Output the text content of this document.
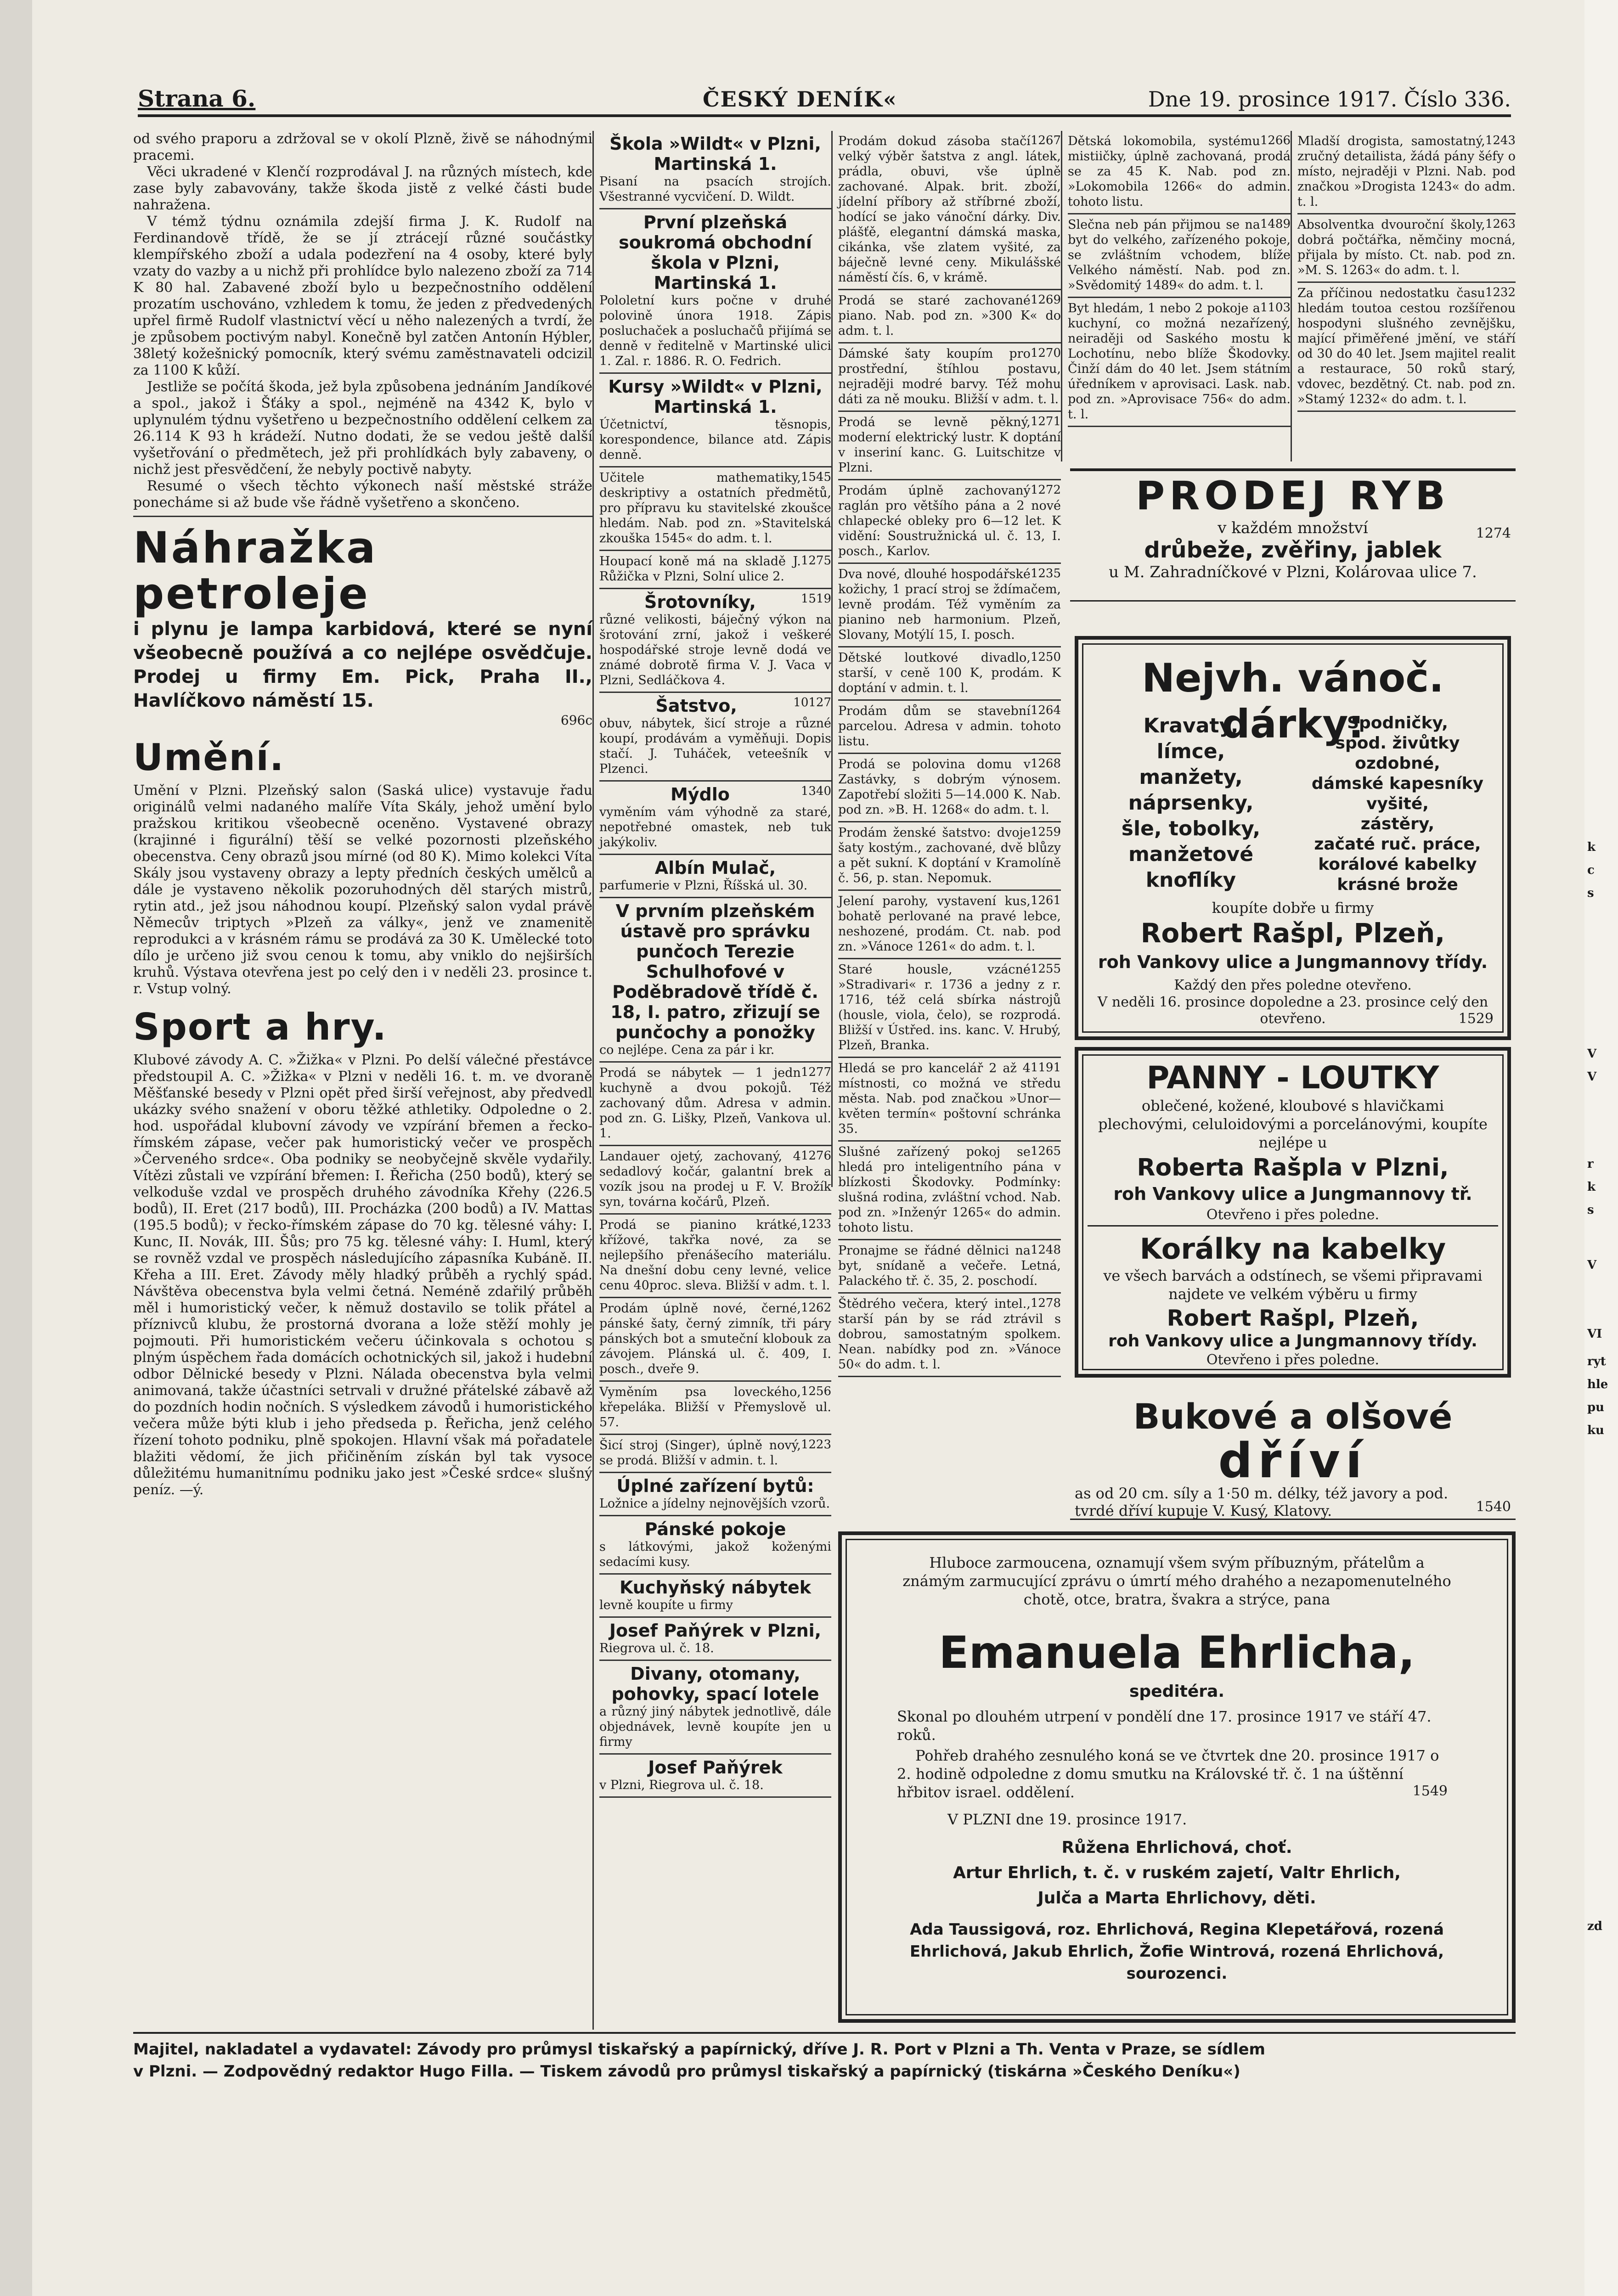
k
c
s
V
V
r
k
s
V
VI
ryt
hle
pu
ku
zd
Strana 6.	ČESKÝ DENÍK«	Dne 19. prosince 1917. Číslo 336.

od svého praporu a zdržoval se v okolí Plzně, živě se náhodnými pracemi.

Věci ukradené v Klenčí rozprodával J. na různých místech, kde zase byly zabavovány, takže škoda jistě z velké části bude nahražena.

V témž týdnu oznámila zdejší firma J. K. Rudolf na Ferdinandově třídě, že se jí ztrácejí různé součástky klempířského zboží a udala podezření na 4 osoby, které byly vzaty do vazby a u nichž při prohlídce bylo nalezeno zboží za 714 K 80 hal. Zabavené zboží bylo u bezpečnostního oddělení prozatím uschováno, vzhledem k tomu, že jeden z předvedených upřel firmě Rudolf vlastnictví věcí u něho nalezených a tvrdí, že je způsobem poctivým nabyl. Konečně byl zatčen Antonín Hýbler, 38letý kožešnický pomocník, který svému zaměstnavateli odcizil za 1100 K kůží.

Jestliže se počítá škoda, jež byla způsobena jednáním Jandíkové a spol., jakož i Šťáky a spol., nejméně na 4342 K, bylo v uplynulém týdnu vyšetřeno u bezpečnostního oddělení celkem za 26.114 K 93 h krádeží. Nutno dodati, že se vedou ještě další vyšetřování o předmětech, jež při prohlídkách byly zabaveny, o nichž jest přesvědčení, že nebyly poctivě nabyty.

Resumé o všech těchto výkonech naší městské stráže ponecháme si až bude vše řádně vyšetřeno a skončeno.

Náhražka petroleje
i plynu je lampa karbidová, které se nyní všeobecně používá a co nejlépe osvědčuje. Prodej u firmy Em. Pick, Praha II., Havlíčkovo náměstí 15.
696c
Umění.

Umění v Plzni. Plzeňský salon (Saská ulice) vystavuje řadu originálů velmi nadaného malíře Víta Skály, jehož umění bylo pražskou kritikou všeobecně oceněno. Vystavené obrazy (krajinné i figurální) těší se velké pozornosti plzeňského obecenstva. Ceny obrazů jsou mírné (od 80 K). Mimo kolekci Víta Skály jsou vystaveny obrazy a lepty předních českých umělců a dále je vystaveno několik pozoruhodných děl starých mistrů, rytin atd., jež jsou náhodnou koupí. Plzeňský salon vydal právě Němecův triptych »Plzeň za války«, jenž ve znamenitě reprodukci a v krásném rámu se prodává za 30 K. Umělecké toto dílo je určeno již svou cenou k tomu, aby vniklo do nejširších kruhů. Výstava otevřena jest po celý den i v neděli 23. prosince t. r. Vstup volný.

Sport a hry.

Klubové závody A. C. »Žižka« v Plzni. Po delší válečné přestávce předstoupil A. C. »Žižka« v Plzni v neděli 16. t. m. ve dvoraně Měšťanské besedy v Plzni opět před širší veřejnost, aby předvedl ukázky svého snažení v oboru těžké athletiky. Odpoledne o 2. hod. uspořádal klubovní závody ve vzpírání břemen a řecko-římském zápase, večer pak humoristický večer ve prospěch »Červeného srdce«. Oba podniky se neobyčejně skvěle vydařily. Vítězi zůstali ve vzpírání břemen: I. Řeřicha (250 bodů), který se velkoduše vzdal ve prospěch druhého závodníka Křehy (226.5 bodů), II. Eret (217 bodů), III. Procházka (200 bodů) a IV. Mattas (195.5 bodů); v řecko-římském zápase do 70 kg. tělesné váhy: I. Kunc, II. Novák, III. Šůs; pro 75 kg. tělesné váhy: I. Huml, který se rovněž vzdal ve prospěch následujícího zápasníka Kubáně. II. Křeha a III. Eret. Závody měly hladký průběh a rychlý spád. Návštěva obecenstva byla velmi četná. Neméně zdařilý průběh měl i humoristický večer, k němuž dostavilo se tolik přátel a příznivců klubu, že prostorná dvorana a lože stěží mohly je pojmouti. Při humoristickém večeru účinkovala s ochotou s plným úspěchem řada domácích ochotnických sil, jakož i hudební odbor Dělnické besedy v Plzni. Nálada obecenstva byla velmi animovaná, takže účastníci setrvali v družné přátelské zábavě až do pozdních hodin nočních. S výsledkem závodů i humoristického večera může býti klub i jeho předseda p. Řeřicha, jenž celého řízení tohoto podniku, plně spokojen. Hlavní však má pořadatele blažiti vědomí, že jich přičiněním získán byl tak vysoce důležitému humanitnímu podniku jako jest »České srdce« slušný peníz. —ý.

Škola »Wildt« v Plzni, Martinská 1.
Pisaní na psacích strojích. Všestranné vycvičení. D. Wildt.
První plzeňská soukromá obchodní škola v Plzni, Martinská 1.
Pololetní kurs počne v druhé polovině února 1918. Zápis posluchaček a posluchačů přijímá se denně v ředitelně v Martinské ulici 1. Zal. r. 1886. R. O. Fedrich.
Kursy »Wildt« v Plzni, Martinská 1.
Účetnictví, těsnopis, korespondence, bilance atd. Zápis denně.
1545
Učitele mathematiky, deskriptivy a ostatních předmětů, pro přípravu ku stavitelské zkoušce hledám. Nab. pod zn. »Stavitelská zkouška 1545« do adm. t. l.
1275
Houpací koně má na skladě J. Růžička v Plzni, Solní ulice 2.
1519
Šrotovníky,
různé velikosti, báječný výkon na šrotování zrní, jakož i veškeré hospodářské stroje levně dodá ve známé dobrotě firma V. J. Vaca v Plzni, Sedláčkova 4.
10127
Šatstvo,
obuv, nábytek, šicí stroje a různé koupí, prodávám a vyměňuji. Dopis stačí. J. Tuháček, veteešník v Plzenci.
1340
Mýdlo
vyměním vám výhodně za staré, nepotřebné omastek, neb tuk jakýkoliv.
Albín Mulač,
parfumerie v Plzni, Říšská ul. 30.
V prvním plzeňském ústavě pro správku punčoch Terezie Schulhofové v Poděbradově třídě č. 18, I. patro, zřizují se punčochy a ponožky
co nejlépe. Cena za pár i kr.
1277
Prodá se nábytek — 1 jedn kuchyně a dvou pokojů. Též zachovaný dům. Adresa v admin. pod zn. G. Lišky, Plzeň, Vankova ul. 1.
1276
Landauer ojetý, zachovaný, 4 sedadlový kočár, galantní brek a vozík jsou na prodej u F. V. Brožík syn, továrna kočárů, Plzeň.
1233
Prodá se pianino krátké, křížové, takřka nové, za se nejlepšího přenášecího materiálu. Na dnešní dobu ceny levné, velice cenu 40proc. sleva. Bližší v adm. t. l.
1262
Prodám úplně nové, černé, pánské šaty, černý zimník, tři páry pánských bot a smuteční klobouk za závojem. Plánská ul. č. 409, I. posch., dveře 9.
1256
Vyměním psa loveckého, křepeláka. Bližší v Přemyslově ul. 57.
1223
Šicí stroj (Singer), úplně nový, se prodá. Bližší v admin. t. l.
Úplné zařízení bytů:
Ložnice a jídelny nejnovějších vzorů.
Pánské pokoje
s látkovými, jakož koženými sedacími kusy.
Kuchyňský nábytek
levně koupíte u firmy
Josef Paňýrek v Plzni,
Riegrova ul. č. 18.
Divany, otomany, pohovky, spací lotele
a různý jiný nábytek jednotlivě, dále objednávek, levně koupíte jen u firmy
Josef Paňýrek
v Plzni, Riegrova ul. č. 18.
1267
Prodám dokud zásoba stačí velký výběr šatstva z angl. látek, prádla, obuvi, vše úplně zachované. Alpak. brit. zboží, jídelní příbory až stříbrné zboží, hodící se jako vánoční dárky. Div. plášťě, elegantní dámská maska, cikánka, vše zlatem vyšité, za báječně levné ceny. Mikulášské náměstí čís. 6, v krámě.
1269
Prodá se staré zachované piano. Nab. pod zn. »300 K« do adm. t. l.
1270
Dámské šaty koupím pro prostřední, štíhlou postavu, nejraději modré barvy. Též mohu dáti za ně mouku. Bližší v adm. t. l.
1271
Prodá se levně pěkný, moderní elektrický lustr. K doptání v inseriní kanc. G. Luitschitze v Plzni.
1272
Prodám úplně zachovaný raglán pro většího pána a 2 nové chlapecké obleky pro 6—12 let. K vidění: Soustružnická ul. č. 13, I. posch., Karlov.
1235
Dva nové, dlouhé hospodářské kožichy, 1 prací stroj se ždímačem, levně prodám. Též vyměním za pianino neb harmonium. Plzeň, Slovany, Motýlí 15, I. posch.
1250
Dětské loutkové divadlo, starší, v ceně 100 K, prodám. K doptání v admin. t. l.
1264
Prodám dům se stavební parcelou. Adresa v admin. tohoto listu.
1268
Prodá se polovina domu v Zastávky, s dobrým výnosem. Zapotřebí složiti 5—14.000 K. Nab. pod zn. »B. H. 1268« do adm. t. l.
1259
Prodám ženské šatstvo: dvoje šaty kostým., zachované, dvě blůzy a pět sukní. K doptání v Kramolíně č. 56, p. stan. Nepomuk.
1261
Jelení parohy, vystavení kus, bohatě perlované na pravé lebce, neshozené, prodám. Ct. nab. pod zn. »Vánoce 1261« do adm. t. l.
1255
Staré housle, vzácné »Stradivari« r. 1736 a jedny z r. 1716, též celá sbírka nástrojů (housle, viola, čelo), se rozprodá. Bližší v Ústřed. ins. kanc. V. Hrubý, Plzeň, Branka.
1191
Hledá se pro kancelář 2 až 4 místnosti, co možná ve středu města. Nab. pod značkou »Unor—květen termín« poštovní schránka 35.
1265
Slušné zařízený pokoj se hledá pro inteligentního pána v blízkosti Škodovky. Podmínky: slušná rodina, zvláštní vchod. Nab. pod zn. »Inženýr 1265« do admin. tohoto listu.
1248
Pronajme se řádné dělnici na byt, snídaně a večeře. Letná, Palackého tř. č. 35, 2. poschodí.
1278
Štědrého večera, který intel., starší pán by se rád ztrávil s dobrou, samostatným spolkem. Nean. nabídky pod zn. »Vánoce 50« do adm. t. l.
1266
Dětská lokomobila, systému mistiičky, úplně zachovaná, prodá se za 45 K. Nab. pod zn. »Lokomobila 1266« do admin. tohoto listu.
1489
Slečna neb pán přijmou se na byt do velkého, zařízeného pokoje, se zvláštním vchodem, blíže Velkého náměstí. Nab. pod zn. »Svědomitý 1489« do adm. t. l.
1103
Byt hledám, 1 nebo 2 pokoje a kuchyní, co možná nezařízený, neiraději od Saského mostu k Lochotínu, nebo blíže Škodovky. Činží dám do 40 let. Jsem státním úředníkem v aprovisaci. Lask. nab. pod zn. »Aprovisace 756« do adm. t. l.
1243
Mladší drogista, samostatný, zručný detailista, žádá pány šéfy o místo, nejraději v Plzni. Nab. pod značkou »Drogista 1243« do adm. t. l.
1263
Absolventka dvouroční školy, dobrá počtářka, němčiny mocná, přijala by místo. Ct. nab. pod zn. »M. S. 1263« do adm. t. l.
1232
Za příčinou nedostatku času hledám toutoa cestou rozšířenou hospodyni slušného zevnějšku, mající přiměřené jmění, ve stáří od 30 do 40 let. Jsem majitel realit a restaurace, 50 roků starý, vdovec, bezdětný. Ct. nab. pod zn. »Stamý 1232« do adm. t. l.
PRODEJ RYB
v každém množství
drůbeže, zvěřiny, jablek
u M. Zahradníčkové v Plzni, Kolárovaa ulice 7.
1274
Nejvh. vánoč. dárky:
Kravaty,
límce,
manžety,
náprsenky,
šle, tobolky,
manžetové
knoflíky
Spodničky,
spod. živůtky
ozdobné,
dámské kapesníky
vyšité,
zástěry,
začaté ruč. práce,
korálové kabelky
krásné brože
koupíte dobře u firmy
Robert Rašpl, Plzeň,
roh Vankovy ulice a Jungmannovy třídy.
Každý den přes poledne otevřeno.
V neděli 16. prosince dopoledne a 23. prosince celý den otevřeno.	1529
PANNY - LOUTKY
oblečené, kožené, kloubové s hlavičkami plechovými, celuloidovými a porcelánovými, koupíte nejlépe u
Roberta Rašpla v Plzni,
roh Vankovy ulice a Jungmannovy tř.
Otevřeno i přes poledne.
Korálky na kabelky
ve všech barvách a odstínech, se všemi připravami najdete ve velkém výběru u firmy
Robert Rašpl, Plzeň,
roh Vankovy ulice a Jungmannovy třídy.
Otevřeno i přes poledne.
Bukové a olšové
dříví
as od 20 cm. síly a 1·50 m. délky, též javory a pod. tvrdé dříví kupuje V. Kusý, Klatovy.	1540
Hluboce zarmoucena, oznamují všem svým příbuzným, přátelům a známým zarmucující zprávu o úmrtí mého drahého a nezapomenutelného chotě, otce, bratra, švakra a strýce, pana
Emanuela Ehrlicha,
speditéra.
Skonal po dlouhém utrpení v pondělí dne 17. prosince 1917 ve stáří 47. roků.
Pohřeb drahého zesnulého koná se ve čtvrtek dne 20. prosince 1917 o 2. hodině odpoledne z domu smutku na Královské tř. č. 1 na úštěnní hřbitov israel. oddělení.	1549
V PLZNI dne 19. prosince 1917.
Růžena Ehrlichová, choť.
Artur Ehrlich, t. č. v ruském zajetí, Valtr Ehrlich,
Julča a Marta Ehrlichovy, děti.
Ada Taussigová, roz. Ehrlichová, Regina Klepetářová, rozená Ehrlichová, Jakub Ehrlich, Žofie Wintrová, rozená Ehrlichová, sourozenci.
Majitel, nakladatel a vydavatel: Závody pro průmysl tiskařský a papírnický, dříve J. R. Port v Plzni a Th. Venta v Praze, se sídlem
v Plzni. — Zodpovědný redaktor Hugo Filla. — Tiskem závodů pro průmysl tiskařský a papírnický (tiskárna »Českého Deníku«)
